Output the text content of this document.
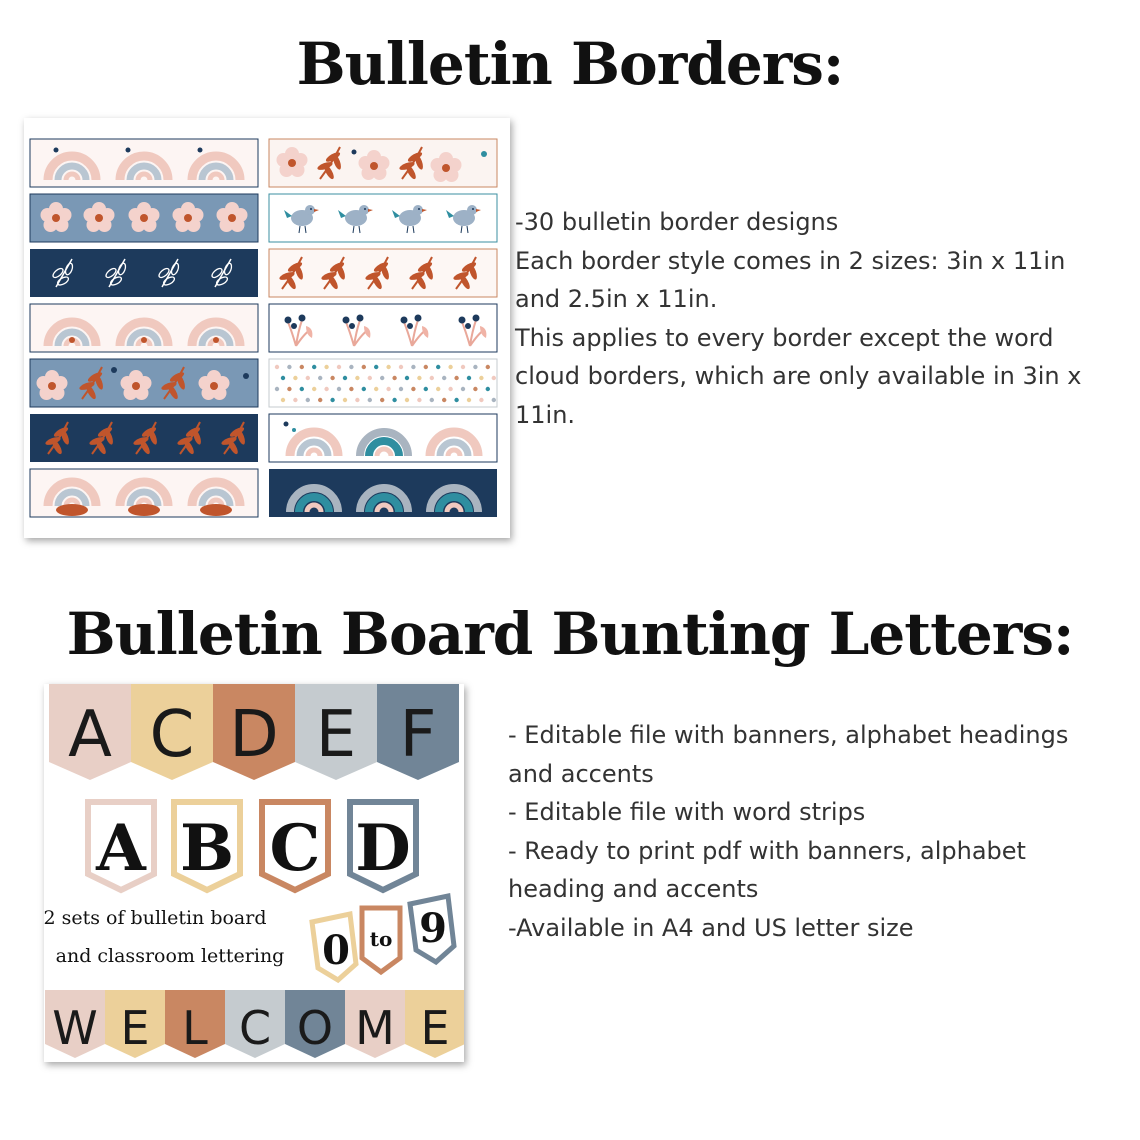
Bulletin Borders:
-30 bulletin border designs
Each border style comes in 2 sizes: 3in x 11in
and 2.5in x 11in.
This applies to every border except the word
cloud borders, which are only available in 3in x
11in.
Bulletin Board Bunting Letters:
A C D E F
A B C D
2 sets of bulletin board
and classroom lettering 0 to 9
W E L C O M E
- Editable file with banners, alphabet headings
and accents
- Editable file with word strips
- Ready to print pdf with banners, alphabet
heading and accents
-Available in A4 and US letter size
